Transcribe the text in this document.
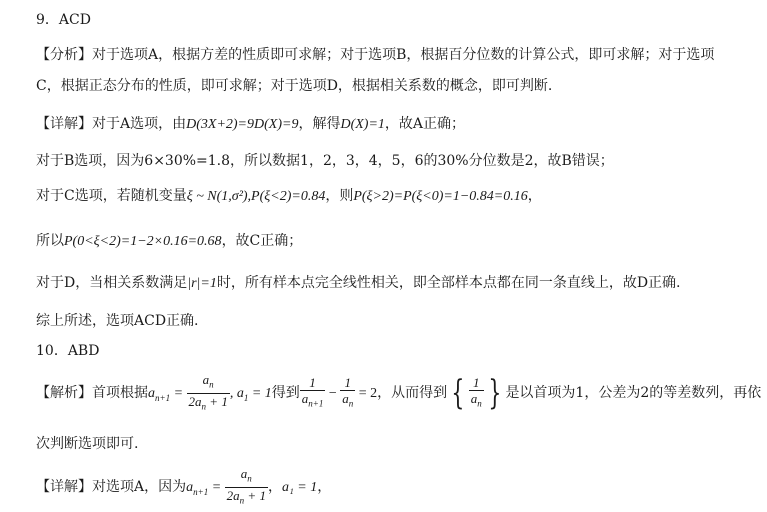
9．ACD
【分析】对于选项A，根据方差的性质即可求解；对于选项B，根据百分位数的计算公式，即可求解；对于选项
C，根据正态分布的性质，即可求解；对于选项D，根据相关系数的概念，即可判断.
【详解】对于A选项，由D(3X+2)=9D(X)=9，解得D(X)=1，故A正确；
对于B选项，因为6×30%=1.8，所以数据1，2，3，4，5，6的30%分位数是2，故B错误；
对于C选项，若随机变量ξ ~ N(1,σ²),P(ξ<2)=0.84，则P(ξ>2)=P(ξ<0)=1−0.84=0.16，
所以P(0<ξ<2)=1−2×0.16=0.68，故C正确；
对于D，当相关系数满足|r|=1时，所有样本点完全线性相关，即全部样本点都在同一条直线上，故D正确.
综上所述，选项ACD正确.
10．ABD
【解析】首项根据$a_{n+1} = \frac{a_n}{2a_n + 1}$ , $a_1 = 1$得到 $\frac{1}{a_{n+1}} - \frac{1}{a_n} = 2$，从而得到 { $\frac{1}{a_n}$ } 是以首项为1，公差为2的等差数列，再依
次判断选项即可.
【详解】对选项A，因为$a_{n+1} = \frac{a_n}{2a_n + 1}$ ，a₁ = 1，
